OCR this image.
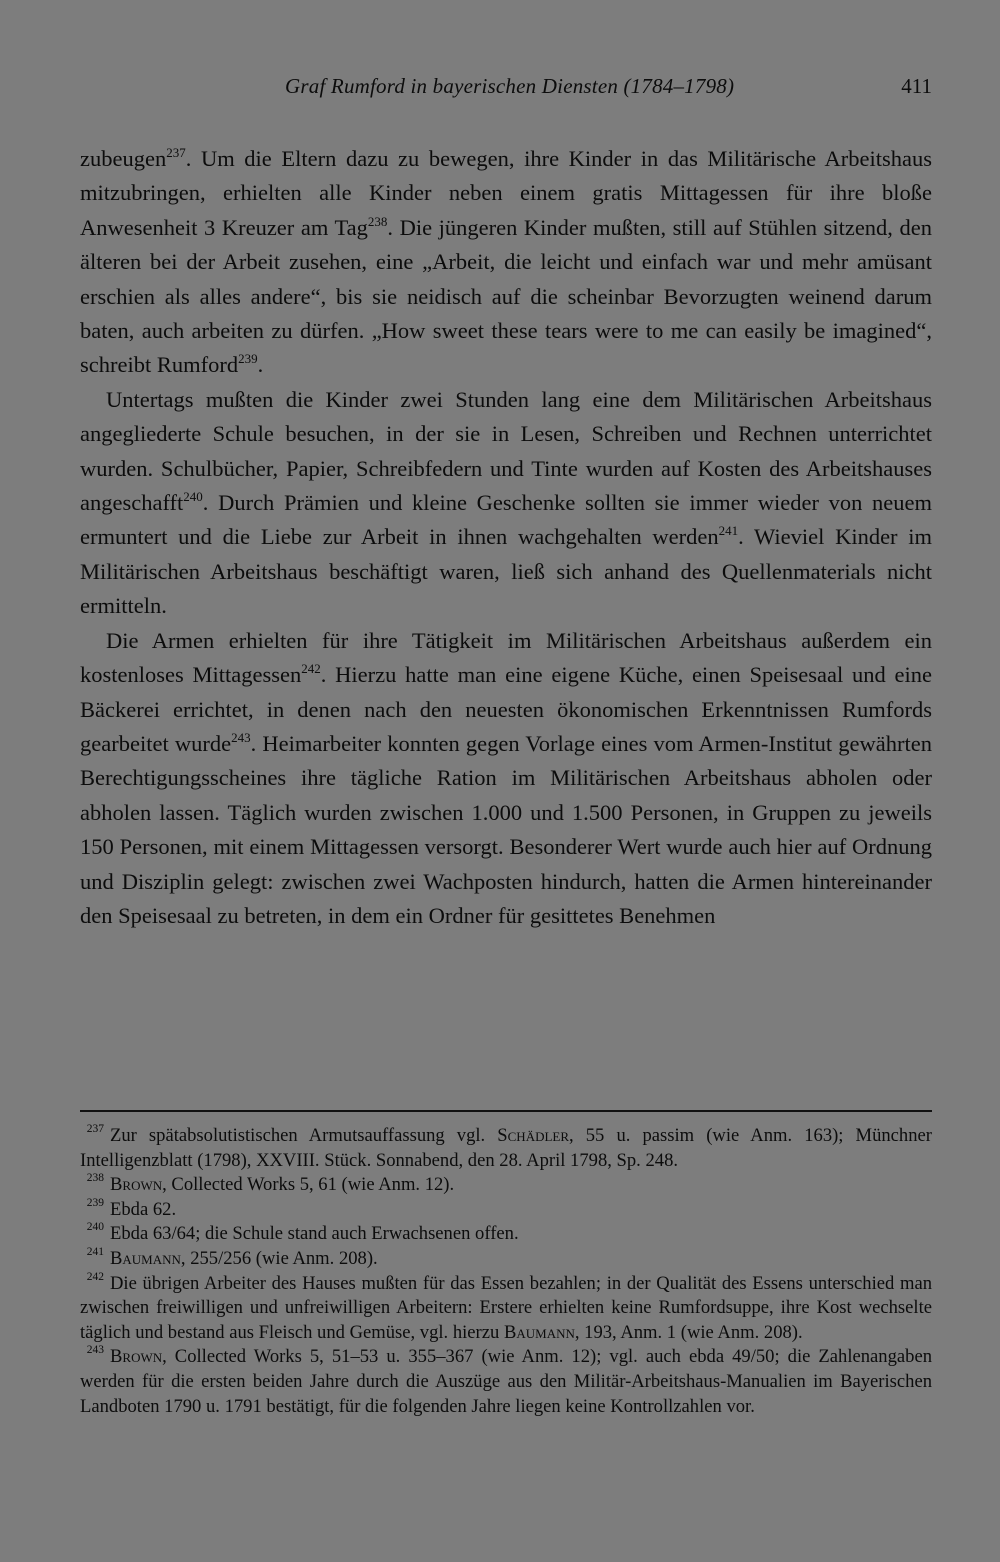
Graf Rumford in bayerischen Diensten (1784–1798)	411

zubeugen$^{237}$. Um die Eltern dazu zu bewegen, ihre Kinder in das Militärische Arbeitshaus mitzubringen, erhielten alle Kinder neben einem gratis Mittagessen für ihre bloße Anwesenheit 3 Kreuzer am Tag$^{238}$. Die jüngeren Kinder mußten, still auf Stühlen sitzend, den älteren bei der Arbeit zusehen, eine „Arbeit, die leicht und einfach war und mehr amüsant erschien als alles andere“, bis sie neidisch auf die scheinbar Bevorzugten weinend darum baten, auch arbeiten zu dürfen. „How sweet these tears were to me can easily be imagined“, schreibt Rumford$^{239}$.

Untertags mußten die Kinder zwei Stunden lang eine dem Militärischen Arbeitshaus angegliederte Schule besuchen, in der sie in Lesen, Schreiben und Rechnen unterrichtet wurden. Schulbücher, Papier, Schreibfedern und Tinte wurden auf Kosten des Arbeitshauses angeschafft$^{240}$. Durch Prämien und kleine Geschenke sollten sie immer wieder von neuem ermuntert und die Liebe zur Arbeit in ihnen wachgehalten werden$^{241}$. Wieviel Kinder im Militärischen Arbeitshaus beschäftigt waren, ließ sich anhand des Quellenmaterials nicht ermitteln.

Die Armen erhielten für ihre Tätigkeit im Militärischen Arbeitshaus außerdem ein kostenloses Mittagessen$^{242}$. Hierzu hatte man eine eigene Küche, einen Speisesaal und eine Bäckerei errichtet, in denen nach den neuesten ökonomischen Erkenntnissen Rumfords gearbeitet wurde$^{243}$. Heimarbeiter konnten gegen Vorlage eines vom Armen-Institut gewährten Berechtigungsscheines ihre tägliche Ration im Militärischen Arbeitshaus abholen oder abholen lassen. Täglich wurden zwischen 1.000 und 1.500 Personen, in Gruppen zu jeweils 150 Personen, mit einem Mittagessen versorgt. Besonderer Wert wurde auch hier auf Ordnung und Disziplin gelegt: zwischen zwei Wachposten hindurch, hatten die Armen hintereinander den Speisesaal zu betreten, in dem ein Ordner für gesittetes Benehmen

237 Zur spätabsolutistischen Armutsauffassung vgl. Schädler, 55 u. passim (wie Anm. 163); Münchner Intelligenzblatt (1798), XXVIII. Stück. Sonnabend, den 28. April 1798, Sp. 248.

238 Brown, Collected Works 5, 61 (wie Anm. 12).

239 Ebda 62.

240 Ebda 63/64; die Schule stand auch Erwachsenen offen.

241 Baumann, 255/256 (wie Anm. 208).

242 Die übrigen Arbeiter des Hauses mußten für das Essen bezahlen; in der Qualität des Essens unterschied man zwischen freiwilligen und unfreiwilligen Arbeitern: Erstere erhielten keine Rumfordsuppe, ihre Kost wechselte täglich und bestand aus Fleisch und Gemüse, vgl. hierzu Baumann, 193, Anm. 1 (wie Anm. 208).

243 Brown, Collected Works 5, 51–53 u. 355–367 (wie Anm. 12); vgl. auch ebda 49/50; die Zahlenangaben werden für die ersten beiden Jahre durch die Auszüge aus den Militär-Arbeitshaus-Manualien im Bayerischen Landboten 1790 u. 1791 bestätigt, für die folgenden Jahre liegen keine Kontrollzahlen vor.
